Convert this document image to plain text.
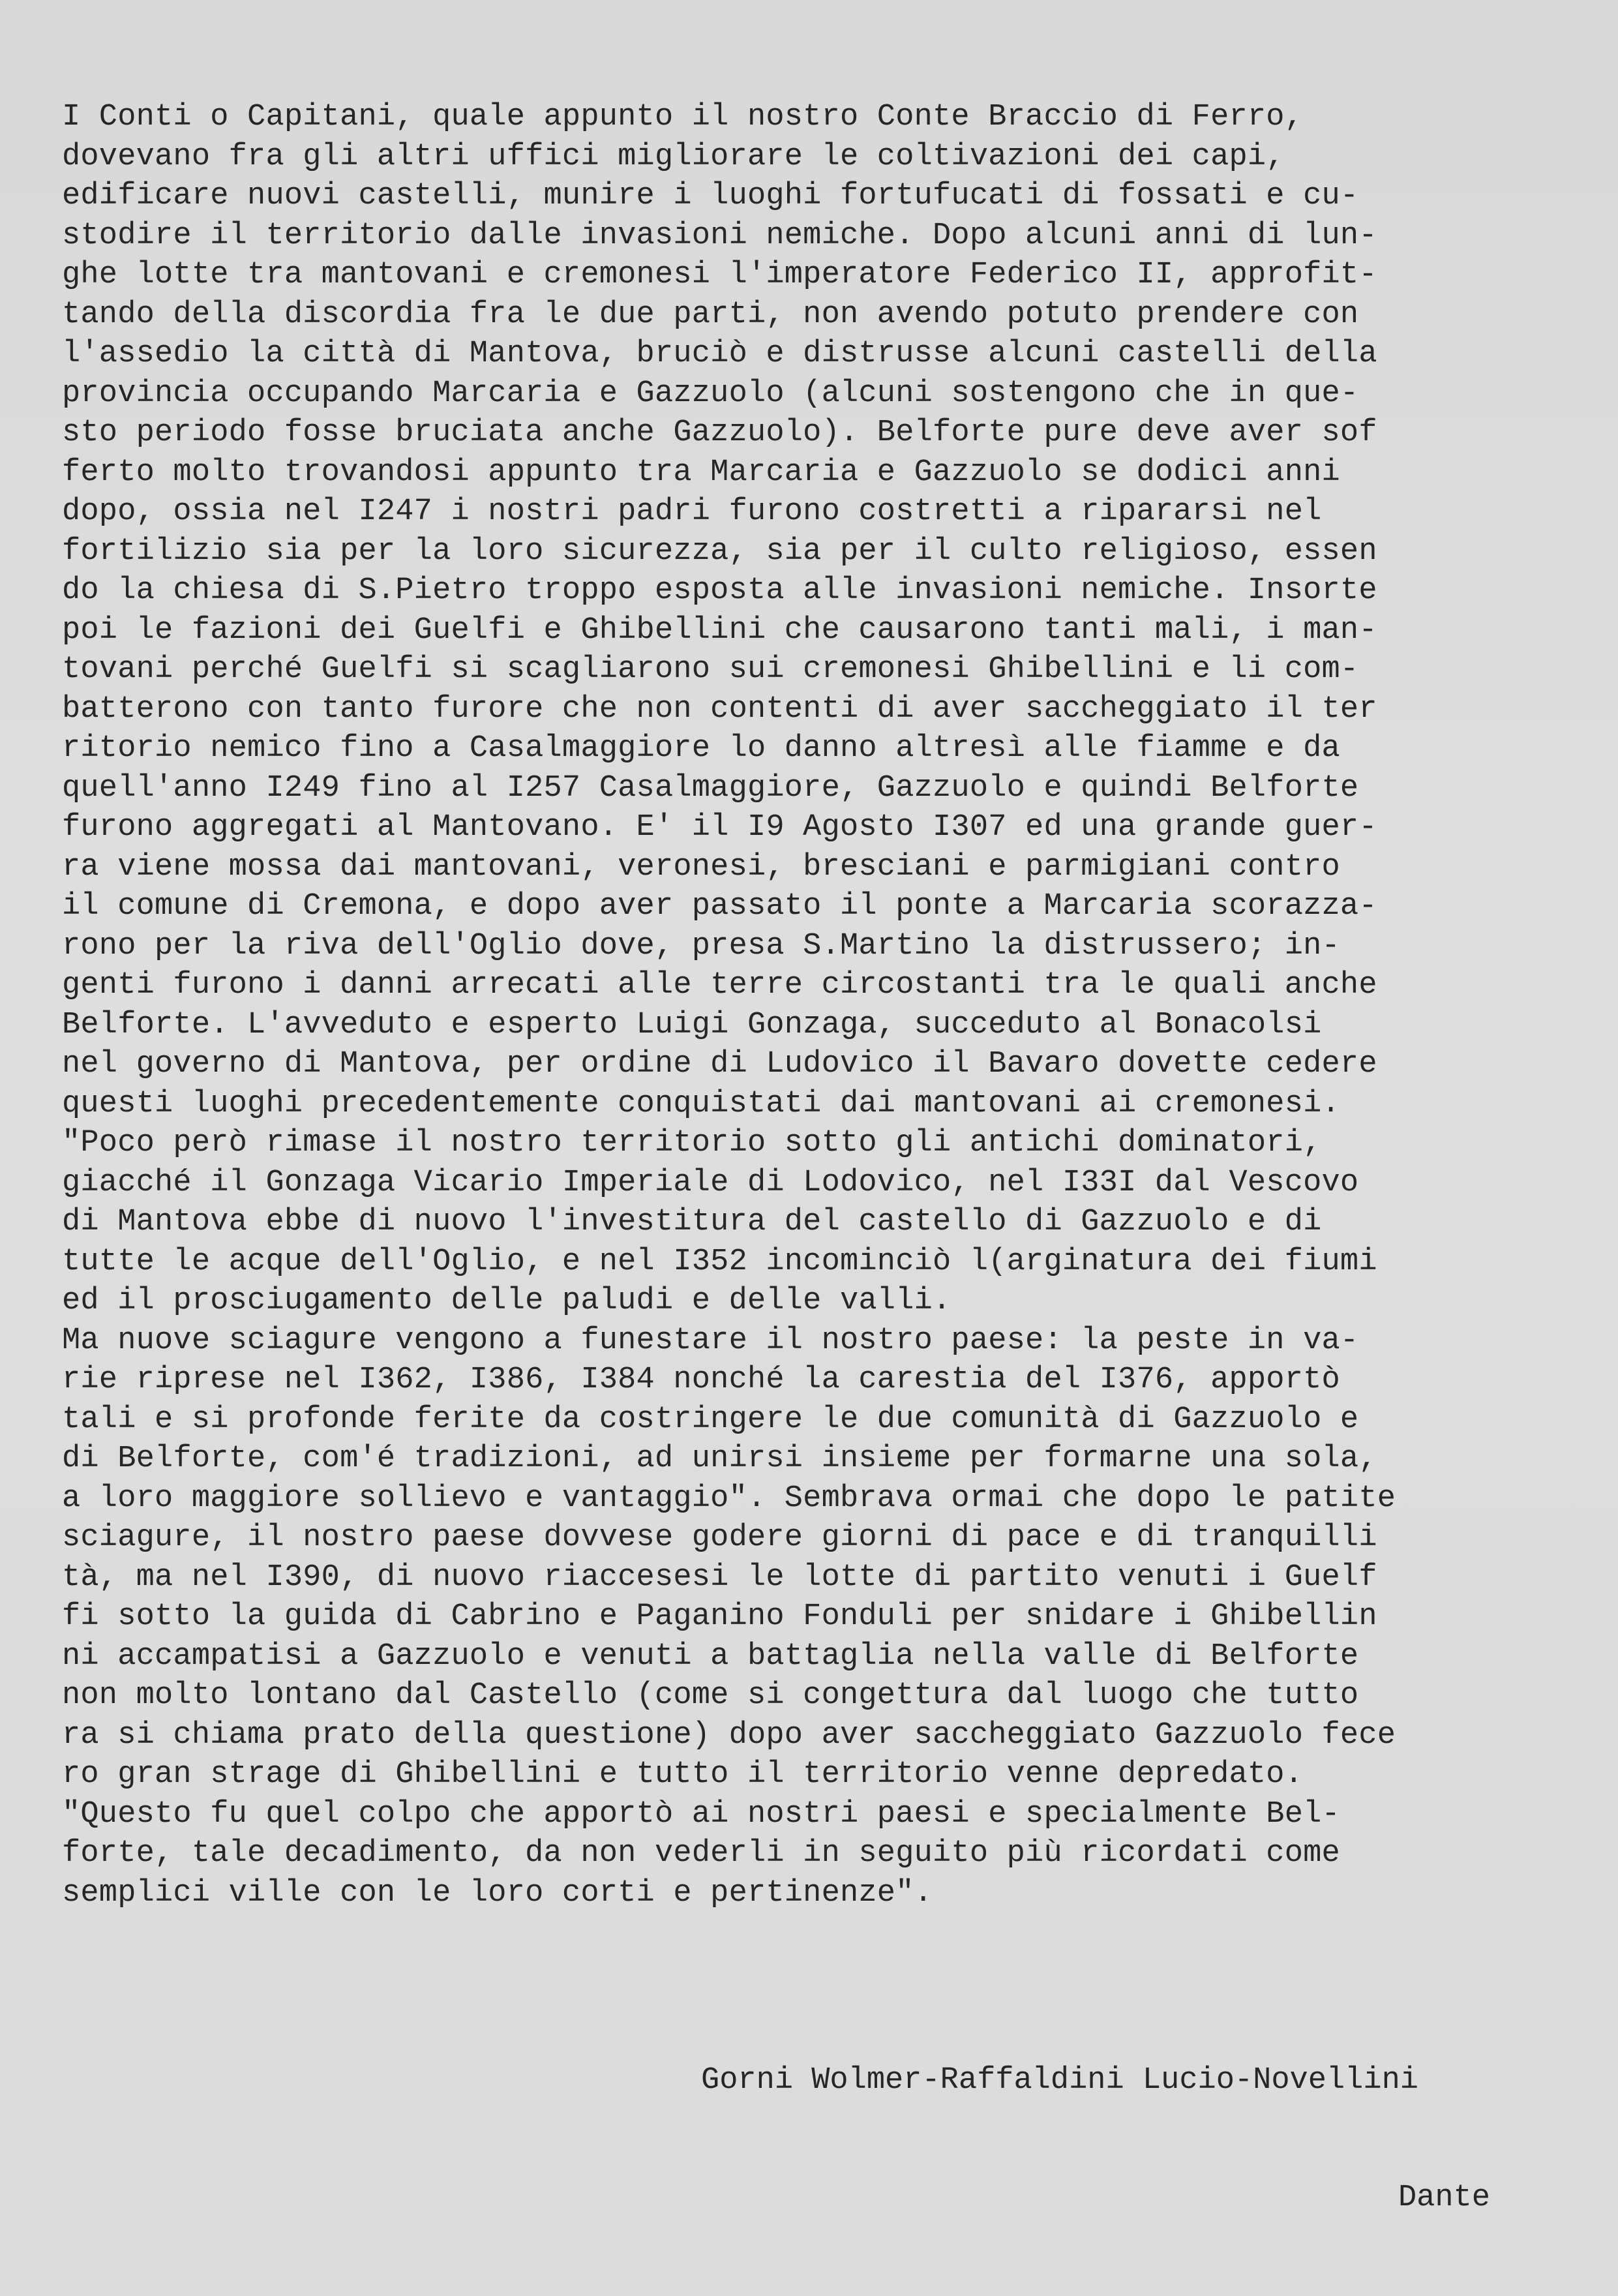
I Conti o Capitani, quale appunto il nostro Conte Braccio di Ferro,
dovevano fra gli altri uffici migliorare le coltivazioni dei capi,
edificare nuovi castelli, munire i luoghi fortufucati di fossati e cu-
stodire il territorio dalle invasioni nemiche. Dopo alcuni anni di lun-
ghe lotte tra mantovani e cremonesi l'imperatore Federico II, approfit-
tando della discordia fra le due parti, non avendo potuto prendere con
l'assedio la città di Mantova, bruciò e distrusse alcuni castelli della
provincia occupando Marcaria e Gazzuolo (alcuni sostengono che in que-
sto periodo fosse bruciata anche Gazzuolo). Belforte pure deve aver sof
ferto molto trovandosi appunto tra Marcaria e Gazzuolo se dodici anni
dopo, ossia nel I247 i nostri padri furono costretti a ripararsi nel
fortilizio sia per la loro sicurezza, sia per il culto religioso, essen
do la chiesa di S.Pietro troppo esposta alle invasioni nemiche. Insorte
poi le fazioni dei Guelfi e Ghibellini che causarono tanti mali, i man-
tovani perché Guelfi si scagliarono sui cremonesi Ghibellini e li com-
batterono con tanto furore che non contenti di aver saccheggiato il ter
ritorio nemico fino a Casalmaggiore lo danno altresì alle fiamme e da
quell'anno I249 fino al I257 Casalmaggiore, Gazzuolo e quindi Belforte
furono aggregati al Mantovano. E' il I9 Agosto I307 ed una grande guer-
ra viene mossa dai mantovani, veronesi, bresciani e parmigiani contro
il comune di Cremona, e dopo aver passato il ponte a Marcaria scorazza-
rono per la riva dell'Oglio dove, presa S.Martino la distrussero; in-
genti furono i danni arrecati alle terre circostanti tra le quali anche
Belforte. L'avveduto e esperto Luigi Gonzaga, succeduto al Bonacolsi
nel governo di Mantova, per ordine di Ludovico il Bavaro dovette cedere
questi luoghi precedentemente conquistati dai mantovani ai cremonesi.
"Poco però rimase il nostro territorio sotto gli antichi dominatori,
giacché il Gonzaga Vicario Imperiale di Lodovico, nel I33I dal Vescovo
di Mantova ebbe di nuovo l'investitura del castello di Gazzuolo e di
tutte le acque dell'Oglio, e nel I352 incominciò l(arginatura dei fiumi
ed il prosciugamento delle paludi e delle valli.
Ma nuove sciagure vengono a funestare il nostro paese: la peste in va-
rie riprese nel I362, I386, I384 nonché la carestia del I376, apportò
tali e si profonde ferite da costringere le due comunità di Gazzuolo e
di Belforte, com'é tradizioni, ad unirsi insieme per formarne una sola,
a loro maggiore sollievo e vantaggio". Sembrava ormai che dopo le patite
sciagure, il nostro paese dovvese godere giorni di pace e di tranquilli
tà, ma nel I390, di nuovo riaccesesi le lotte di partito venuti i Guelf
fi sotto la guida di Cabrino e Paganino Fonduli per snidare i Ghibellin
ni accampatisi a Gazzuolo e venuti a battaglia nella valle di Belforte
non molto lontano dal Castello (come si congettura dal luogo che tutto
ra si chiama prato della questione) dopo aver saccheggiato Gazzuolo fece
ro gran strage di Ghibellini e tutto il territorio venne depredato.
"Questo fu quel colpo che apportò ai nostri paesi e specialmente Bel-
forte, tale decadimento, da non vederli in seguito più ricordati come
semplici ville con le loro corti e pertinenze".

Gorni Wolmer-Raffaldini Lucio-Novellini

Dante
